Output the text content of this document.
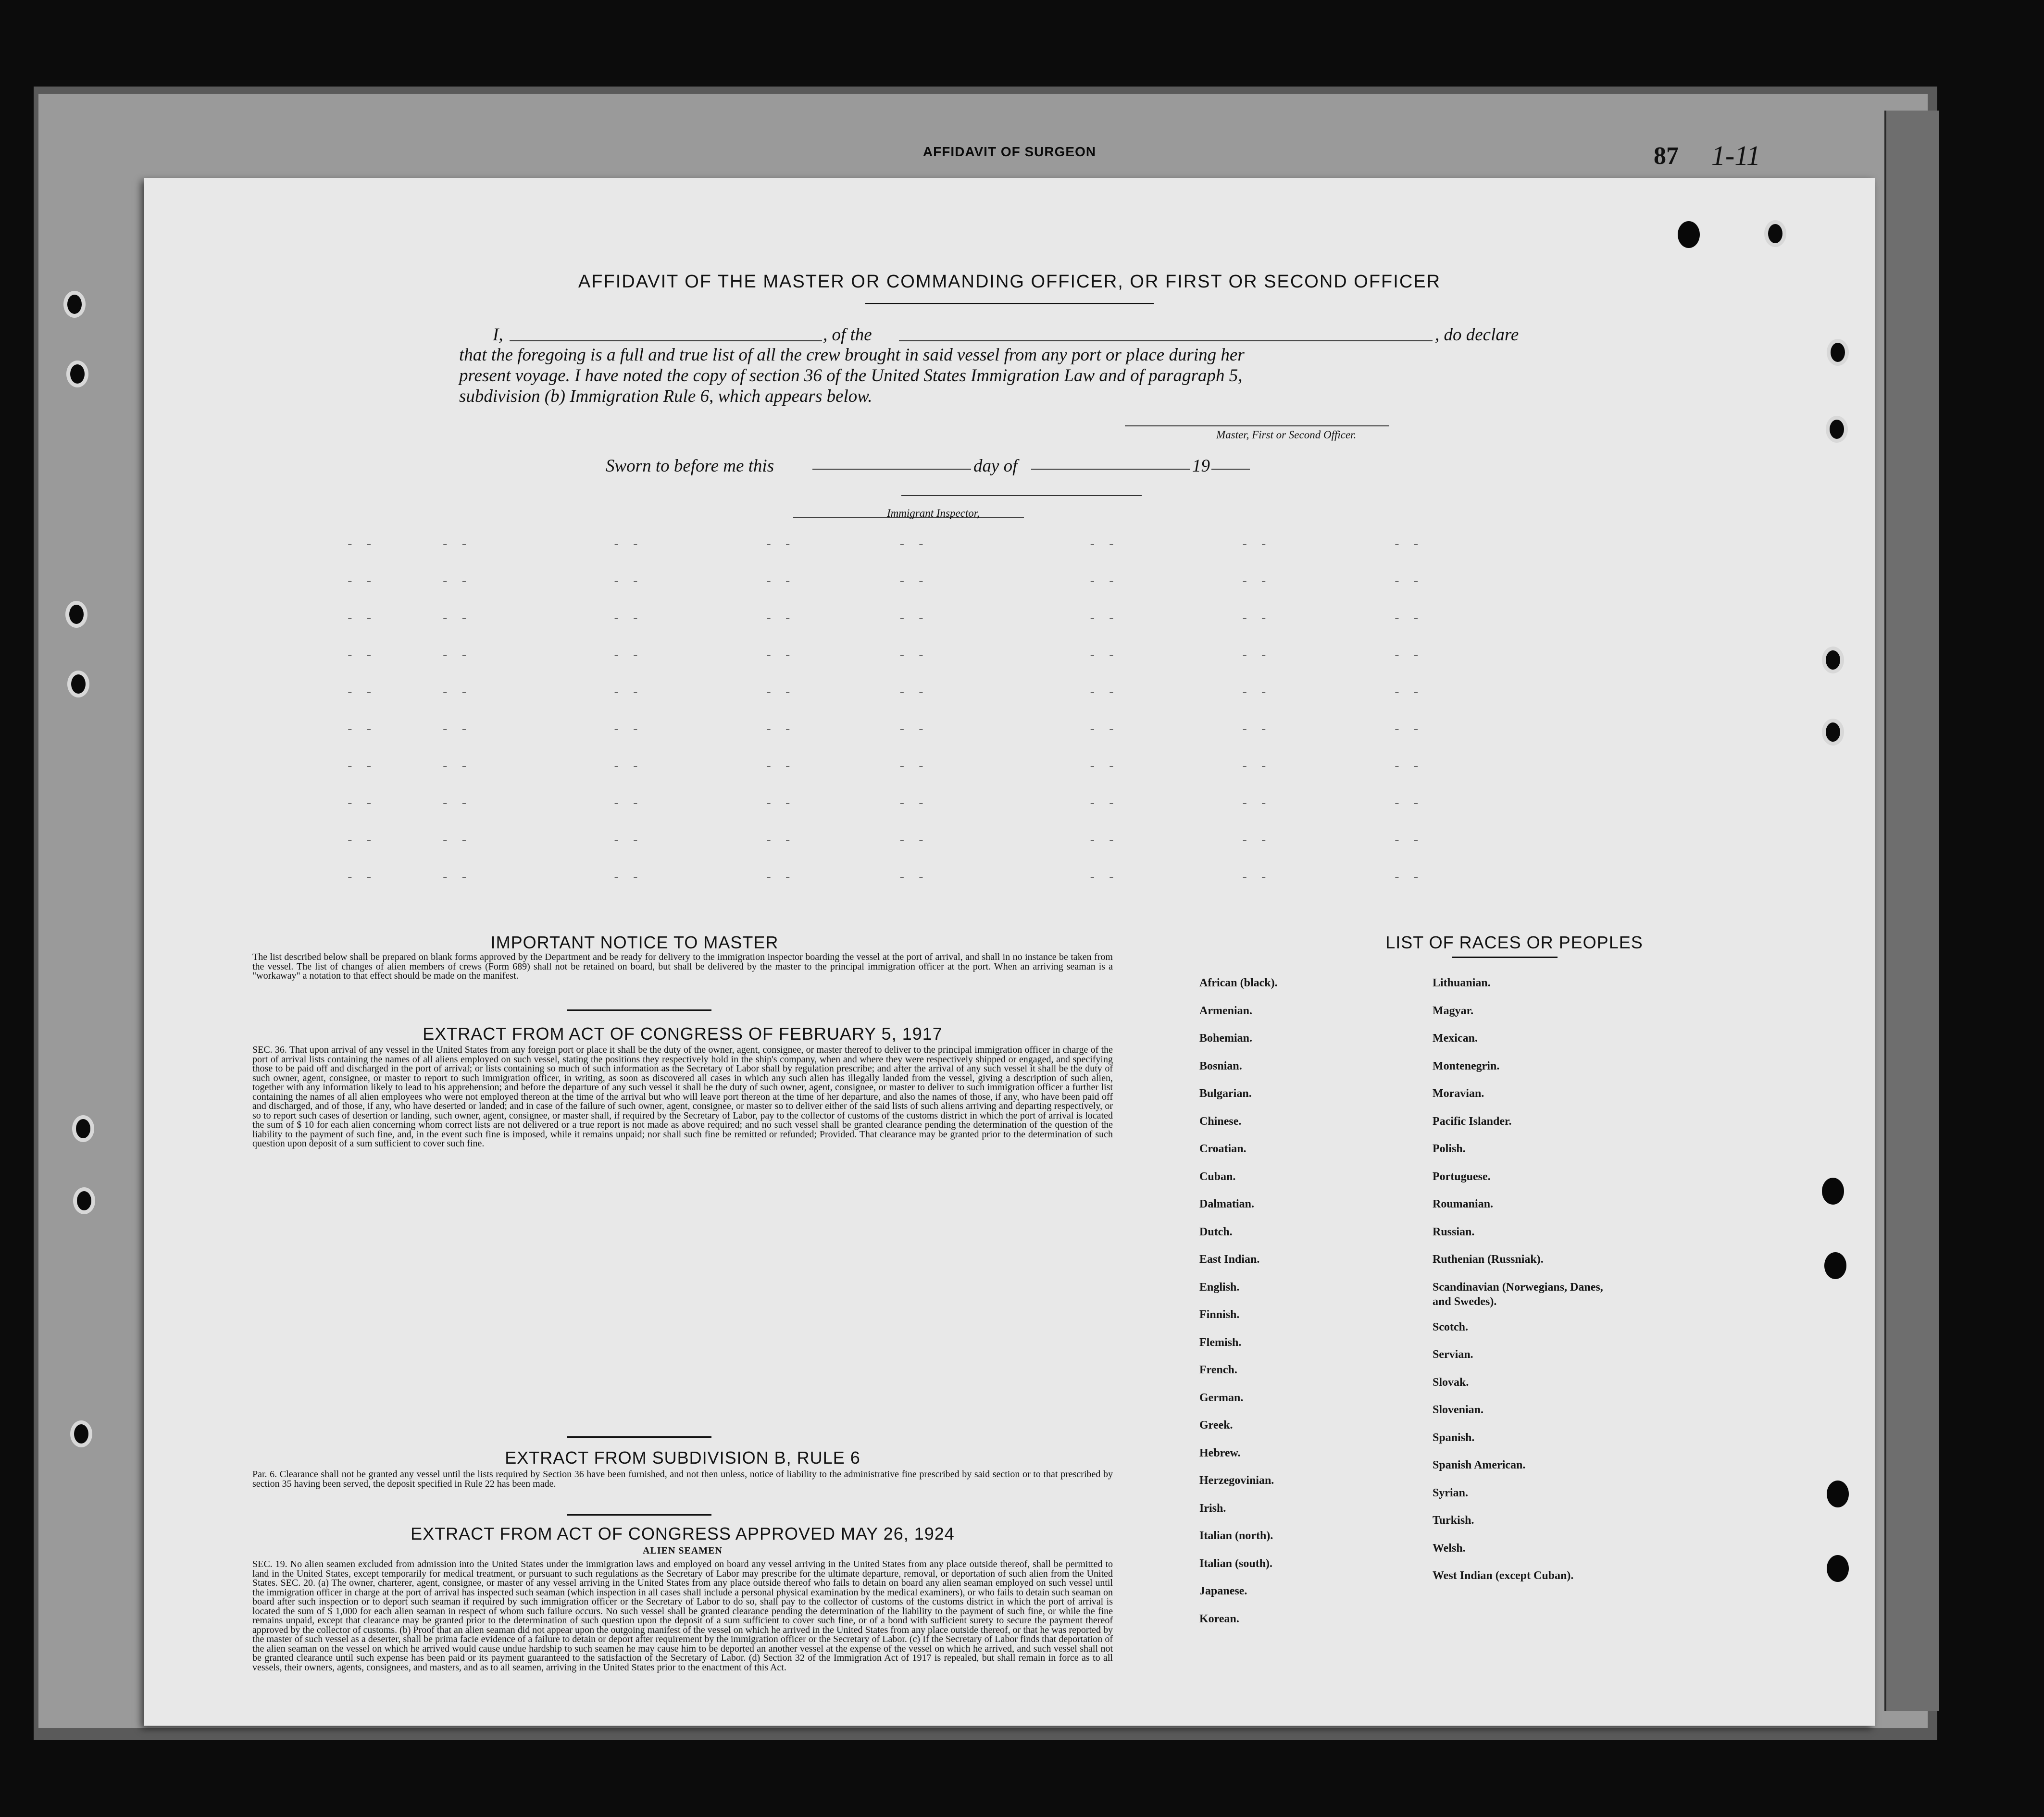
AFFIDAVIT OF SURGEON	87 1-11
AFFIDAVIT OF THE MASTER OR COMMANDING OFFICER, OR FIRST OR SECOND OFFICER
I,	, of the	, do declare
that the foregoing is a full and true list of all the crew brought in said vessel from any port or place during her
present voyage. I have noted the copy of section 36 of the United States Immigration Law and of paragraph 5,
subdivision (b) Immigration Rule 6, which appears below.
Master, First or Second Officer.
Sworn to before me this	day of	19
Immigrant Inspector,
--   --       --      --     --        --      --      --
--   --       --      --     --        --      --      --
--   --       --      --     --        --      --      --
--   --       --      --     --        --      --      --
--   --       --      --     --        --      --      --
--   --       --      --     --        --      --      --
--   --       --      --     --        --      --      --
--   --       --      --     --        --      --      --
--   --       --      --     --        --      --      --
--   --       --      --     --        --      --      --
IMPORTANT NOTICE TO MASTER

The list described below shall be prepared on blank forms approved by the Department and be ready for delivery to the immigration inspector boarding the vessel at the port of arrival, and shall in no instance be taken from the vessel. The list of changes of alien members of crews (Form 689) shall not be retained on board, but shall be delivered by the master to the principal immigration officer at the port. When an arriving seaman is a "workaway" a notation to that effect should be made on the manifest.

EXTRACT FROM ACT OF CONGRESS OF FEBRUARY 5, 1917

SEC. 36. That upon arrival of any vessel in the United States from any foreign port or place it shall be the duty of the owner, agent, consignee, or master thereof to deliver to the principal immigration officer in charge of the port of arrival lists containing the names of all aliens employed on such vessel, stating the positions they respectively hold in the ship's company, when and where they were respectively shipped or engaged, and specifying those to be paid off and discharged in the port of arrival; or lists containing so much of such information as the Secretary of Labor shall by regulation prescribe; and after the arrival of any such vessel it shall be the duty of such owner, agent, consignee, or master to report to such immigration officer, in writing, as soon as discovered all cases in which any such alien has illegally landed from the vessel, giving a description of such alien, together with any information likely to lead to his apprehension; and before the departure of any such vessel it shall be the duty of such owner, agent, consignee, or master to deliver to such immigration officer a further list containing the names of all alien employees who were not employed thereon at the time of the arrival but who will leave port thereon at the time of her departure, and also the names of those, if any, who have been paid off and discharged, and of those, if any, who have deserted or landed; and in case of the failure of such owner, agent, consignee, or master so to deliver either of the said lists of such aliens arriving and departing respectively, or so to report such cases of desertion or landing, such owner, agent, consignee, or master shall, if required by the Secretary of Labor, pay to the collector of customs of the customs district in which the port of arrival is located the sum of $ 10 for each alien concerning whom correct lists are not delivered or a true report is not made as above required; and no such vessel shall be granted clearance pending the determination of the question of the liability to the payment of such fine, and, in the event such fine is imposed, while it remains unpaid; nor shall such fine be remitted or refunded; Provided. That clearance may be granted prior to the determination of such question upon deposit of a sum sufficient to cover such fine.

EXTRACT FROM SUBDIVISION B, RULE 6

Par. 6. Clearance shall not be granted any vessel until the lists required by Section 36 have been furnished, and not then unless, notice of liability to the administrative fine prescribed by said section or to that prescribed by section 35 having been served, the deposit specified in Rule 22 has been made.

EXTRACT FROM ACT OF CONGRESS APPROVED MAY 26, 1924
ALIEN SEAMEN

SEC. 19. No alien seamen excluded from admission into the United States under the immigration laws and employed on board any vessel arriving in the United States from any place outside thereof, shall be permitted to land in the United States, except temporarily for medical treatment, or pursuant to such regulations as the Secretary of Labor may prescribe for the ultimate departure, removal, or deportation of such alien from the United States. SEC. 20. (a) The owner, charterer, agent, consignee, or master of any vessel arriving in the United States from any place outside thereof who fails to detain on board any alien seaman employed on such vessel until the immigration officer in charge at the port of arrival has inspected such seaman (which inspection in all cases shall include a personal physical examination by the medical examiners), or who fails to detain such seaman on board after such inspection or to deport such seaman if required by such immigration officer or the Secretary of Labor to do so, shall pay to the collector of customs of the customs district in which the port of arrival is located the sum of $ 1,000 for each alien seaman in respect of whom such failure occurs. No such vessel shall be granted clearance pending the determination of the liability to the payment of such fine, or while the fine remains unpaid, except that clearance may be granted prior to the determination of such question upon the deposit of a sum sufficient to cover such fine, or of a bond with sufficient surety to secure the payment thereof approved by the collector of customs. (b) Proof that an alien seaman did not appear upon the outgoing manifest of the vessel on which he arrived in the United States from any place outside thereof, or that he was reported by the master of such vessel as a deserter, shall be prima facie evidence of a failure to detain or deport after requirement by the immigration officer or the Secretary of Labor. (c) If the Secretary of Labor finds that deportation of the alien seaman on the vessel on which he arrived would cause undue hardship to such seamen he may cause him to be deported an another vessel at the expense of the vessel on which he arrived, and such vessel shall not be granted clearance until such expense has been paid or its payment guaranteed to the satisfaction of the Secretary of Labor. (d) Section 32 of the Immigration Act of 1917 is repealed, but shall remain in force as to all vessels, their owners, agents, consignees, and masters, and as to all seamen, arriving in the United States prior to the enactment of this Act.

LIST OF RACES OR PEOPLES
African (black).
Armenian.
Bohemian.
Bosnian.
Bulgarian.
Chinese.
Croatian.
Cuban.
Dalmatian.
Dutch.
East Indian.
English.
Finnish.
Flemish.
French.
German.
Greek.
Hebrew.
Herzegovinian.
Irish.
Italian (north).
Italian (south).
Japanese.
Korean.
Lithuanian.
Magyar.
Mexican.
Montenegrin.
Moravian.
Pacific Islander.
Polish.
Portuguese.
Roumanian.
Russian.
Ruthenian (Russniak).
Scandinavian (Norwegians, Danes, and Swedes).
Scotch.
Servian.
Slovak.
Slovenian.
Spanish.
Spanish American.
Syrian.
Turkish.
Welsh.
West Indian (except Cuban).
